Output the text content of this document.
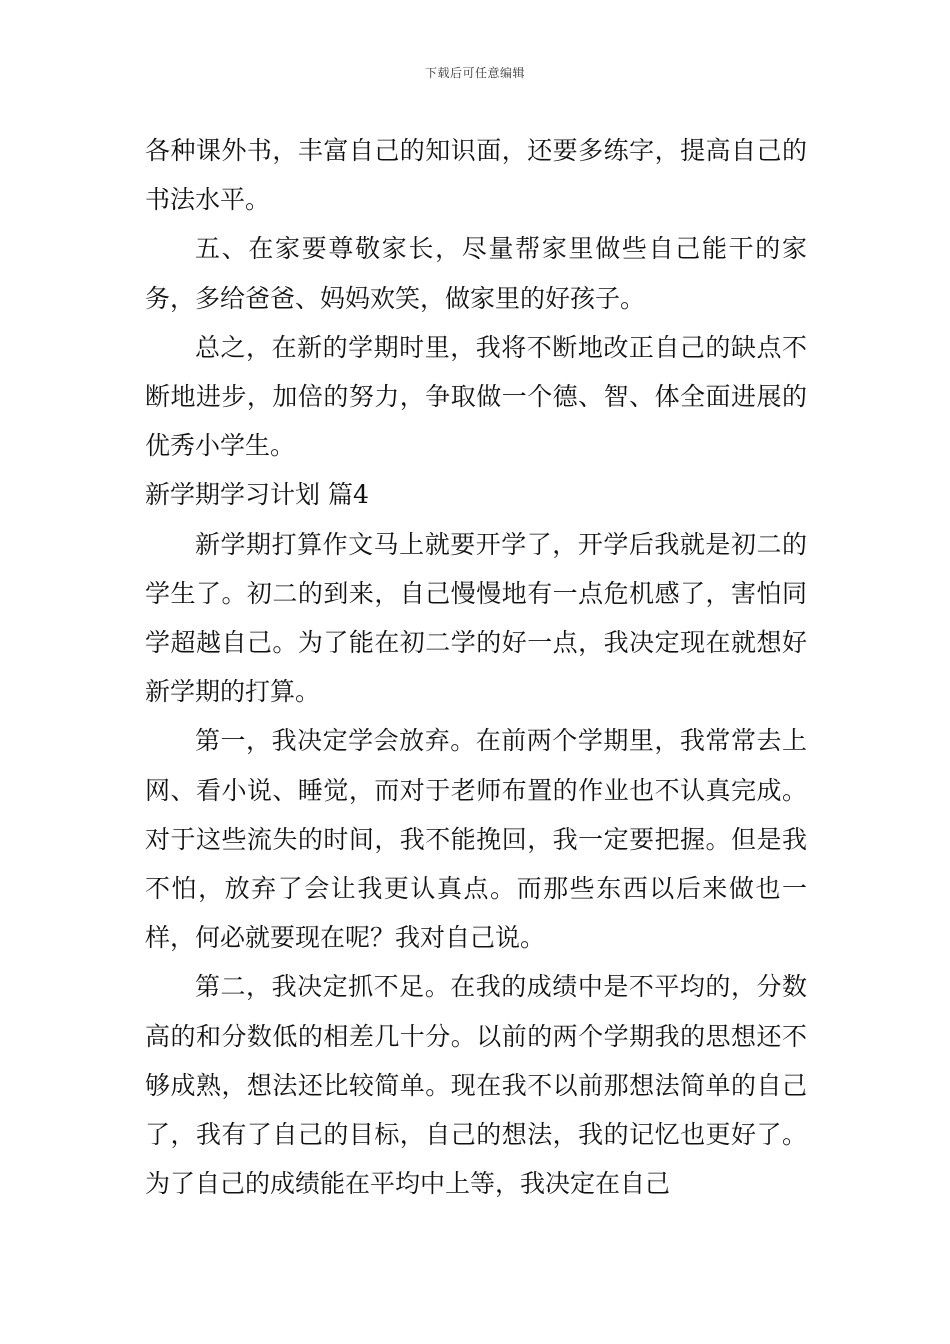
下载后可任意编辑

各种课外书，丰富自己的知识面，还要多练字，提高自己的书法水平。

五、在家要尊敬家长，尽量帮家里做些自己能干的家务，多给爸爸、妈妈欢笑，做家里的好孩子。

总之，在新的学期时里，我将不断地改正自己的缺点不断地进步，加倍的努力，争取做一个德、智、体全面进展的优秀小学生。

新学期学习计划 篇4

新学期打算作文马上就要开学了，开学后我就是初二的学生了。初二的到来，自己慢慢地有一点危机感了，害怕同学超越自己。为了能在初二学的好一点，我决定现在就想好新学期的打算。

第一，我决定学会放弃。在前两个学期里，我常常去上网、看小说、睡觉，而对于老师布置的作业也不认真完成。对于这些流失的时间，我不能挽回，我一定要把握。但是我不怕，放弃了会让我更认真点。而那些东西以后来做也一样，何必就要现在呢？我对自己说。

第二，我决定抓不足。在我的成绩中是不平均的，分数高的和分数低的相差几十分。以前的两个学期我的思想还不够成熟，想法还比较简单。现在我不以前那想法简单的自己了，我有了自己的目标，自己的想法，我的记忆也更好了。为了自己的成绩能在平均中上等，我决定在自己
